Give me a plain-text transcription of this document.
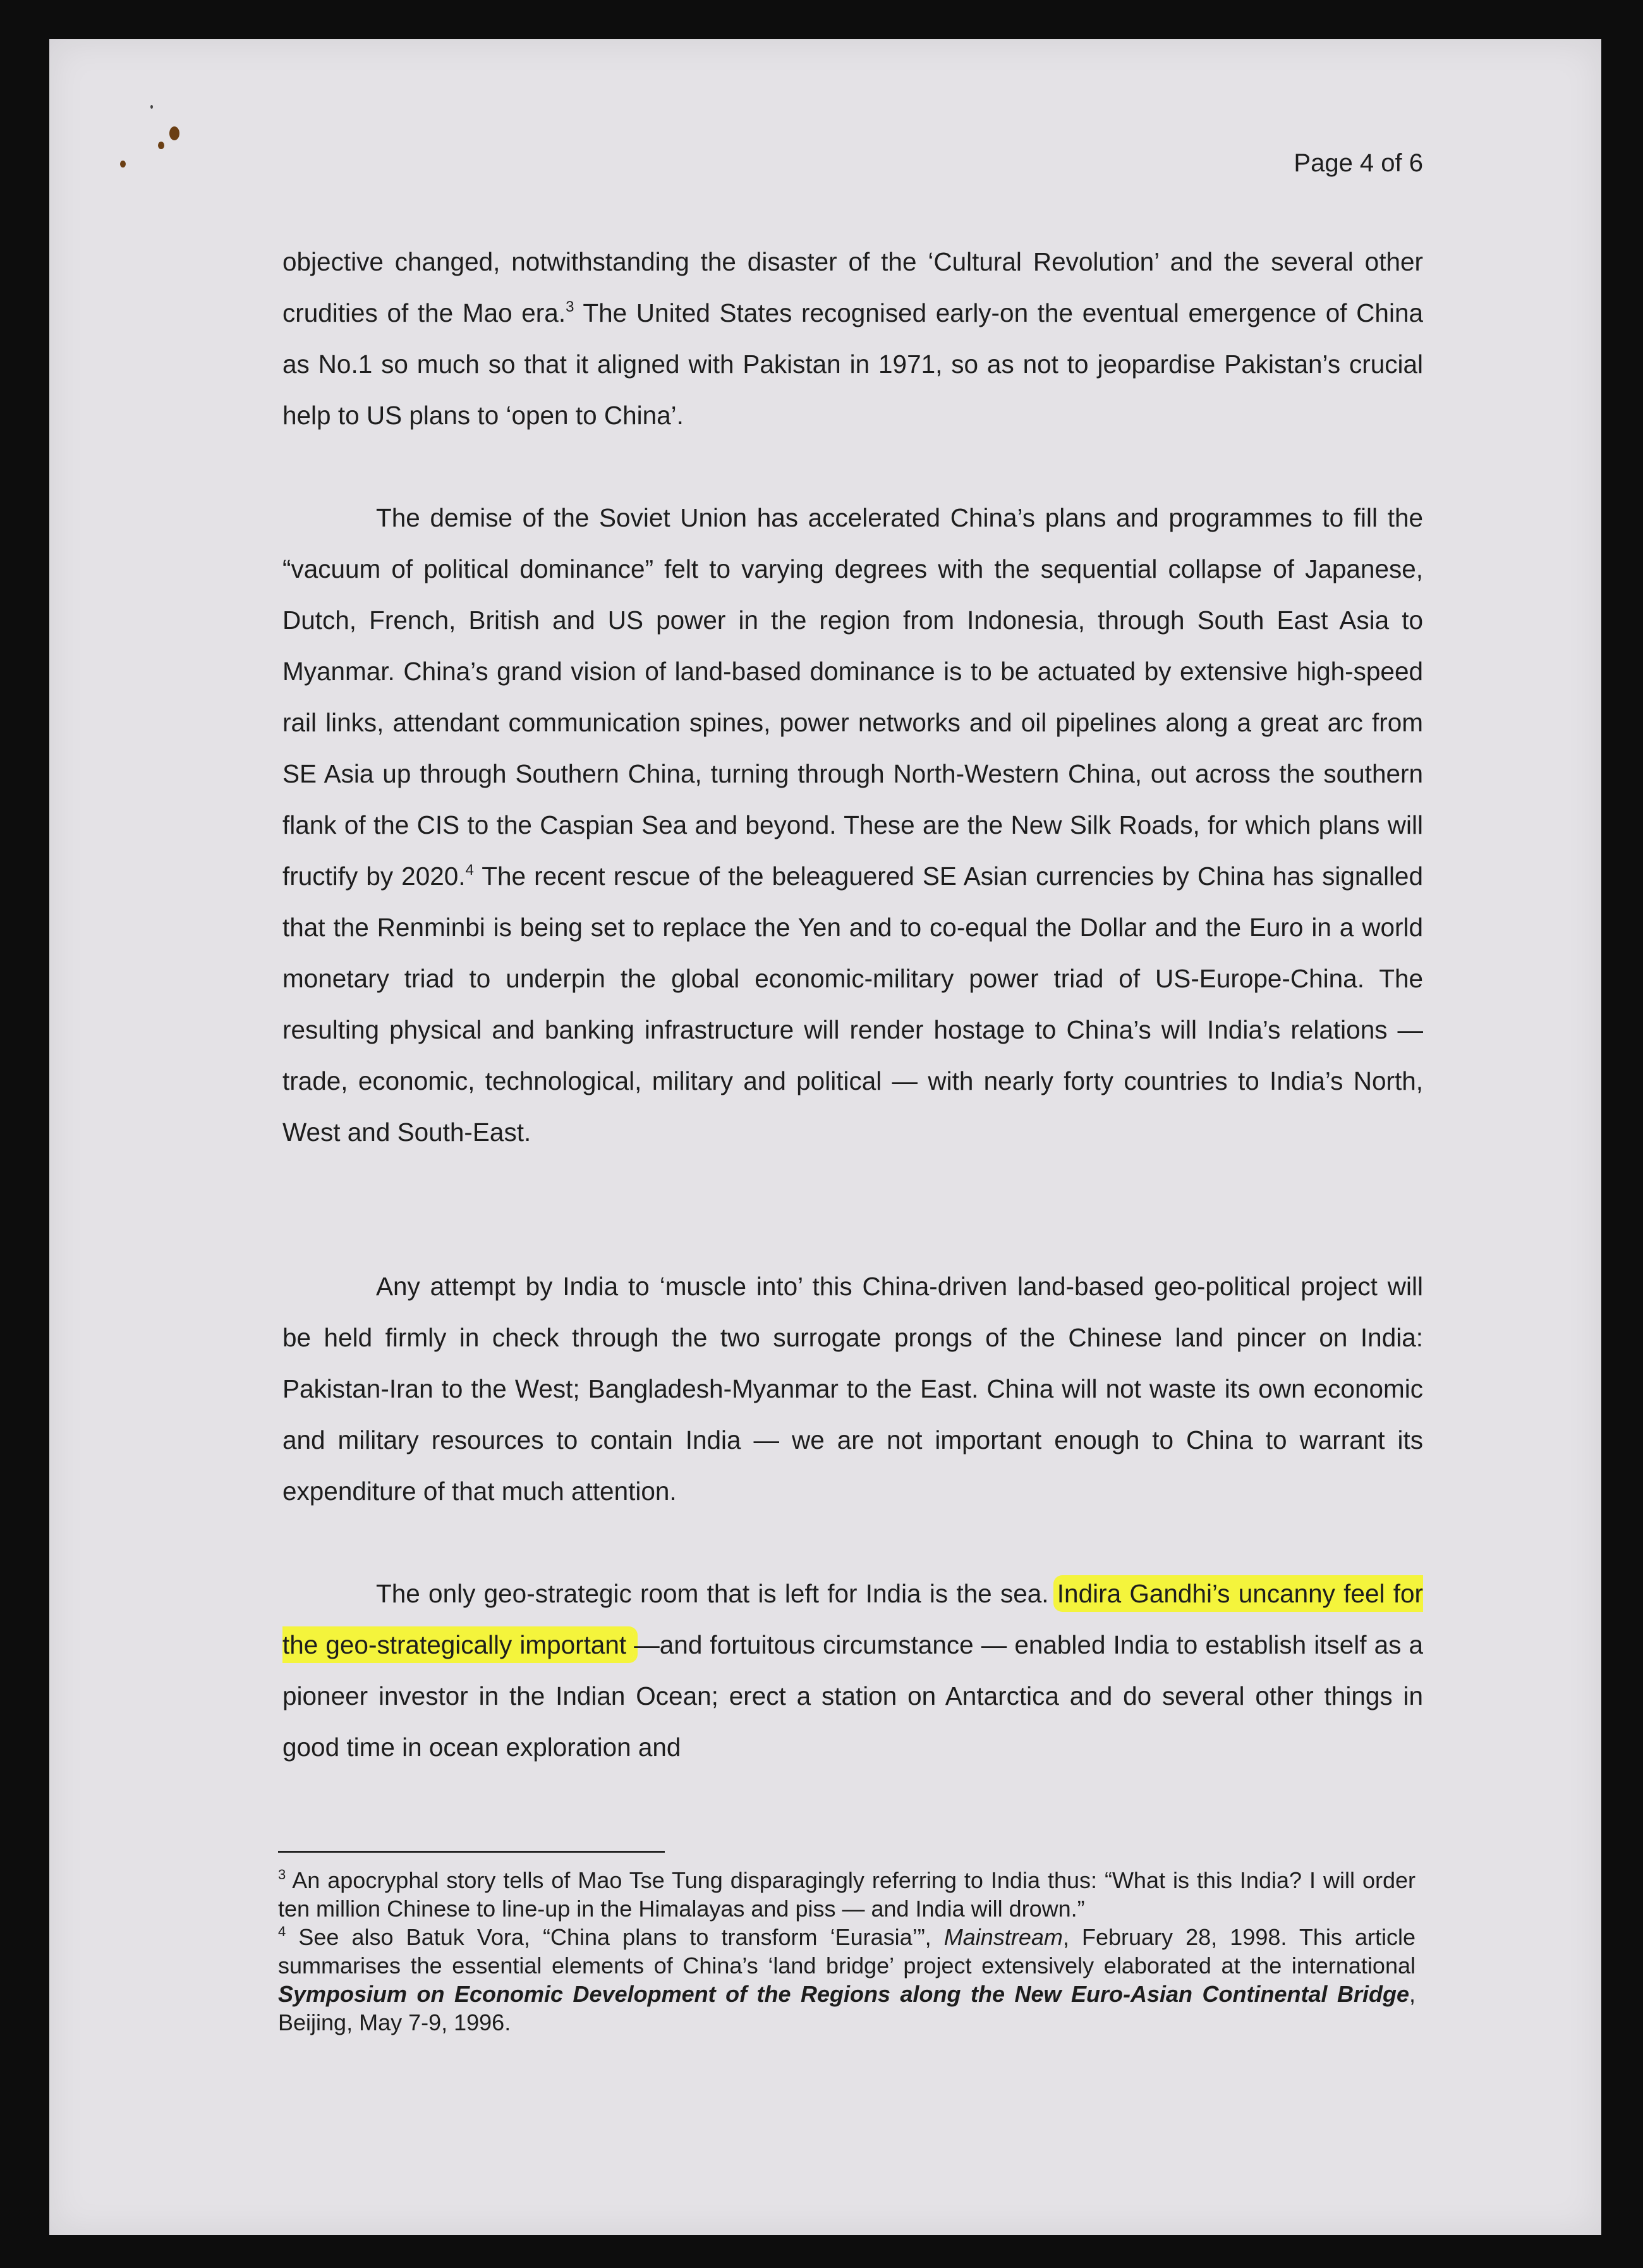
Page 4 of 6

objective changed, notwithstanding the disaster of the ‘Cultural Revolution’ and the several other crudities of the Mao era.$^3$ The United States recognised early-on the eventual emergence of China as No.1 so much so that it aligned with Pakistan in 1971, so as not to jeopardise Pakistan’s crucial help to US plans to ‘open to China’.

The demise of the Soviet Union has accelerated China’s plans and programmes to fill the “vacuum of political dominance” felt to varying degrees with the sequential collapse of Japanese, Dutch, French, British and US power in the region from Indonesia, through South East Asia to Myanmar. China’s grand vision of land-based dominance is to be actuated by extensive high-speed rail links, attendant communication spines, power networks and oil pipelines along a great arc from SE Asia up through Southern China, turning through North-Western China, out across the southern flank of the CIS to the Caspian Sea and beyond. These are the New Silk Roads, for which plans will fructify by 2020.$^4$ The recent rescue of the beleaguered SE Asian currencies by China has signalled that the Renminbi is being set to replace the Yen and to co-equal the Dollar and the Euro in a world monetary triad to underpin the global economic-military power triad of US-Europe-China. The resulting physical and banking infrastructure will render hostage to China’s will India’s relations — trade, economic, technological, military and political — with nearly forty countries to India’s North, West and South-East.

Any attempt by India to ‘muscle into’ this China-driven land-based geo-political project will be held firmly in check through the two surrogate prongs of the Chinese land pincer on India: Pakistan-Iran to the West; Bangladesh-Myanmar to the East. China will not waste its own economic and military resources to contain India — we are not important enough to China to warrant its expenditure of that much attention.

The only geo-strategic room that is left for India is the sea. Indira Gandhi’s uncanny feel for the geo-strategically important —and fortuitous circumstance — enabled India to establish itself as a pioneer investor in the Indian Ocean; erect a station on Antarctica and do several other things in good time in ocean exploration and

$^3$ An apocryphal story tells of Mao Tse Tung disparagingly referring to India thus: “What is this India? I will order ten million Chinese to line-up in the Himalayas and piss — and India will drown.”

$^4$ See also Batuk Vora, “China plans to transform ‘Eurasia’”, Mainstream, February 28, 1998. This article summarises the essential elements of China’s ‘land bridge’ project extensively elaborated at the international Symposium on Economic Development of the Regions along the New Euro-Asian Continental Bridge, Beijing, May 7-9, 1996.
